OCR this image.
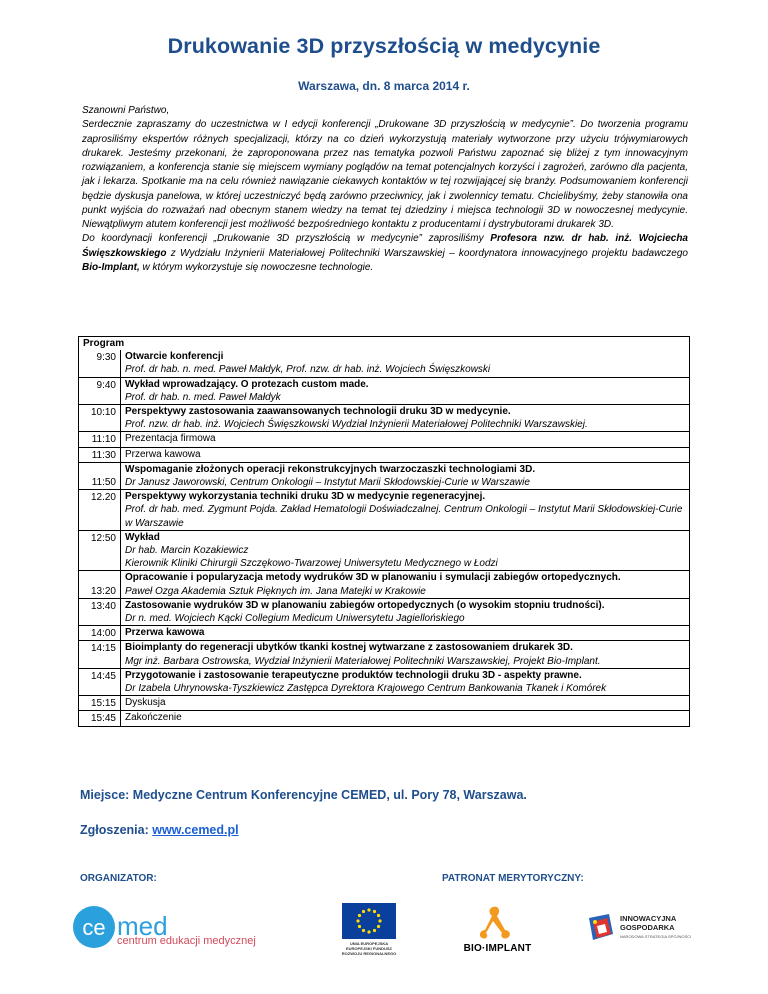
Drukowanie 3D przyszłością w medycynie
Warszawa, dn. 8 marca 2014 r.

Szanowni Państwo,

Serdecznie zapraszamy do uczestnictwa w I edycji konferencji „Drukowane 3D przyszłością w medycynie”. Do tworzenia programu zaprosiliśmy ekspertów różnych specjalizacji, którzy na co dzień wykorzystują materiały wytworzone przy użyciu trójwymiarowych drukarek. Jesteśmy przekonani, że zaproponowana przez nas tematyka pozwoli Państwu zapoznać się bliżej z tym innowacyjnym rozwiązaniem, a konferencja stanie się miejscem wymiany poglądów na temat potencjalnych korzyści i zagrożeń, zarówno dla pacjenta, jak i lekarza. Spotkanie ma na celu również nawiązanie ciekawych kontaktów w tej rozwijającej się branży. Podsumowaniem konferencji będzie dyskusja panelowa, w której uczestniczyć będą zarówno przeciwnicy, jak i zwolennicy tematu. Chcielibyśmy, żeby stanowiła ona punkt wyjścia do rozważań nad obecnym stanem wiedzy na temat tej dziedziny i miejsca technologii 3D w nowoczesnej medycynie. Niewątpliwym atutem konferencji jest możliwość bezpośredniego kontaktu z producentami i dystrybutorami drukarek 3D.

Do koordynacji konferencji „Drukowanie 3D przyszłością w medycynie” zaprosiliśmy Profesora nzw. dr hab. inż. Wojciecha Święszkowskiego z Wydziału Inżynierii Materiałowej Politechniki Warszawskiej – koordynatora innowacyjnego projektu badawczego Bio-Implant, w którym wykorzystuje się nowoczesne technologie.

Program	
9:30	Otwarcie konferencji
Prof. dr hab. n. med. Paweł Małdyk, Prof. nzw. dr hab. inż. Wojciech Święszkowski

9:40	Wykład wprowadzający. O protezach custom made.
Prof. dr hab. n. med. Paweł Małdyk

10:10	Perspektywy zastosowania zaawansowanych technologii druku 3D w medycynie.
Prof. nzw. dr hab. inż. Wojciech Święszkowski Wydział Inżynierii Materiałowej Politechniki Warszawskiej.

11:10	Prezentacja firmowa

11:30	Przerwa kawowa

11:50	Wspomaganie złożonych operacji rekonstrukcyjnych twarzoczaszki technologiami 3D.
Dr Janusz Jaworowski, Centrum Onkologii – Instytut Marii Skłodowskiej-Curie w Warszawie

12.20	Perspektywy wykorzystania techniki druku 3D w medycynie regeneracyjnej.
Prof. dr hab. med. Zygmunt Pojda. Zakład Hematologii Doświadczalnej. Centrum Onkologii – Instytut Marii Skłodowskiej-Curie w Warszawie

12:50	Wykład
Dr hab. Marcin Kozakiewicz
Kierownik Kliniki Chirurgii Szczękowo-Twarzowej Uniwersytetu Medycznego w Łodzi

13:20	Opracowanie i popularyzacja metody wydruków 3D w planowaniu i symulacji zabiegów ortopedycznych.
Paweł Ozga Akademia Sztuk Pięknych im. Jana Matejki w Krakowie

13:40	Zastosowanie wydruków 3D w planowaniu zabiegów ortopedycznych (o wysokim stopniu trudności).
Dr n. med. Wojciech Kącki Collegium Medicum Uniwersytetu Jagiellońskiego

14:00	Przerwa kawowa

14:15	Bioimplanty do regeneracji ubytków tkanki kostnej wytwarzane z zastosowaniem drukarek 3D.
Mgr inż. Barbara Ostrowska, Wydział Inżynierii Materiałowej Politechniki Warszawskiej, Projekt Bio-Implant.

14:45	Przygotowanie i zastosowanie terapeutyczne produktów technologii druku 3D - aspekty prawne.
Dr Izabela Uhrynowska-Tyszkiewicz Zastępca Dyrektora Krajowego Centrum Bankowania Tkanek i Komórek

15:15	Dyskusja

15:45	Zakończenie
Miejsce: Medyczne Centrum Konferencyjne CEMED, ul. Pory 78, Warszawa.
Zgłoszenia: www.cemed.pl
ORGANIZATOR:	PATRONAT MERYTORYCZNY:
ce med
centrum edukacji medycznej	UNIA EUROPEJSKA
EUROPEJSKI FUNDUSZ
ROZWOJU REGIONALNEGO	BIO·IMPLANT
INNOWACYJNA
GOSPODARKA
NARODOWA STRATEGIA SPÓJNOŚCI
